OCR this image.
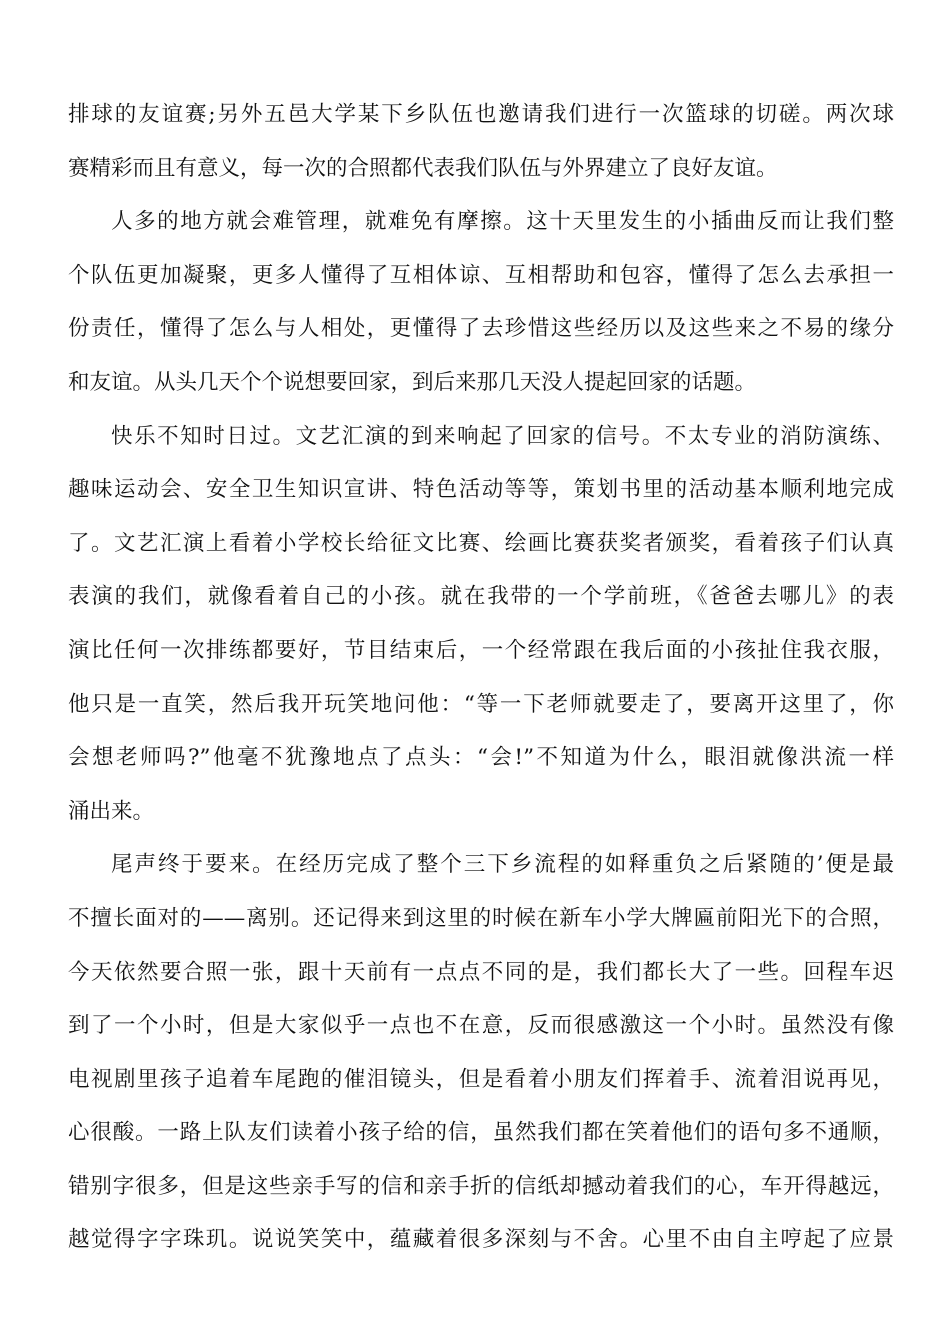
排球的友谊赛;另外五邑大学某下乡队伍也邀请我们进行一次篮球的切磋。两次球
赛精彩而且有意义，每一次的合照都代表我们队伍与外界建立了良好友谊。
人多的地方就会难管理，就难免有摩擦。这十天里发生的小插曲反而让我们整
个队伍更加凝聚，更多人懂得了互相体谅、互相帮助和包容，懂得了怎么去承担一
份责任，懂得了怎么与人相处，更懂得了去珍惜这些经历以及这些来之不易的缘分
和友谊。从头几天个个说想要回家，到后来那几天没人提起回家的话题。
快乐不知时日过。文艺汇演的到来响起了回家的信号。不太专业的消防演练、
趣味运动会、安全卫生知识宣讲、特色活动等等，策划书里的活动基本顺利地完成
了。文艺汇演上看着小学校长给征文比赛、绘画比赛获奖者颁奖，看着孩子们认真
表演的我们，就像看着自己的小孩。就在我带的一个学前班，《爸爸去哪儿》的表
演比任何一次排练都要好，节目结束后，一个经常跟在我后面的小孩扯住我衣服，
他只是一直笑，然后我开玩笑地问他：“等一下老师就要走了，要离开这里了，你
会想老师吗?”他毫不犹豫地点了点头：“会!”不知道为什么，眼泪就像洪流一样
涌出来。
尾声终于要来。在经历完成了整个三下乡流程的如释重负之后紧随的’便是最
不擅长面对的——离别。还记得来到这里的时候在新车小学大牌匾前阳光下的合照，
今天依然要合照一张，跟十天前有一点点不同的是，我们都长大了一些。回程车迟
到了一个小时，但是大家似乎一点也不在意，反而很感激这一个小时。虽然没有像
电视剧里孩子追着车尾跑的催泪镜头，但是看着小朋友们挥着手、流着泪说再见，
心很酸。一路上队友们读着小孩子给的信，虽然我们都在笑着他们的语句多不通顺，
错别字很多，但是这些亲手写的信和亲手折的信纸却撼动着我们的心，车开得越远，
越觉得字字珠玑。说说笑笑中，蕴藏着很多深刻与不舍。心里不由自主哼起了应景
